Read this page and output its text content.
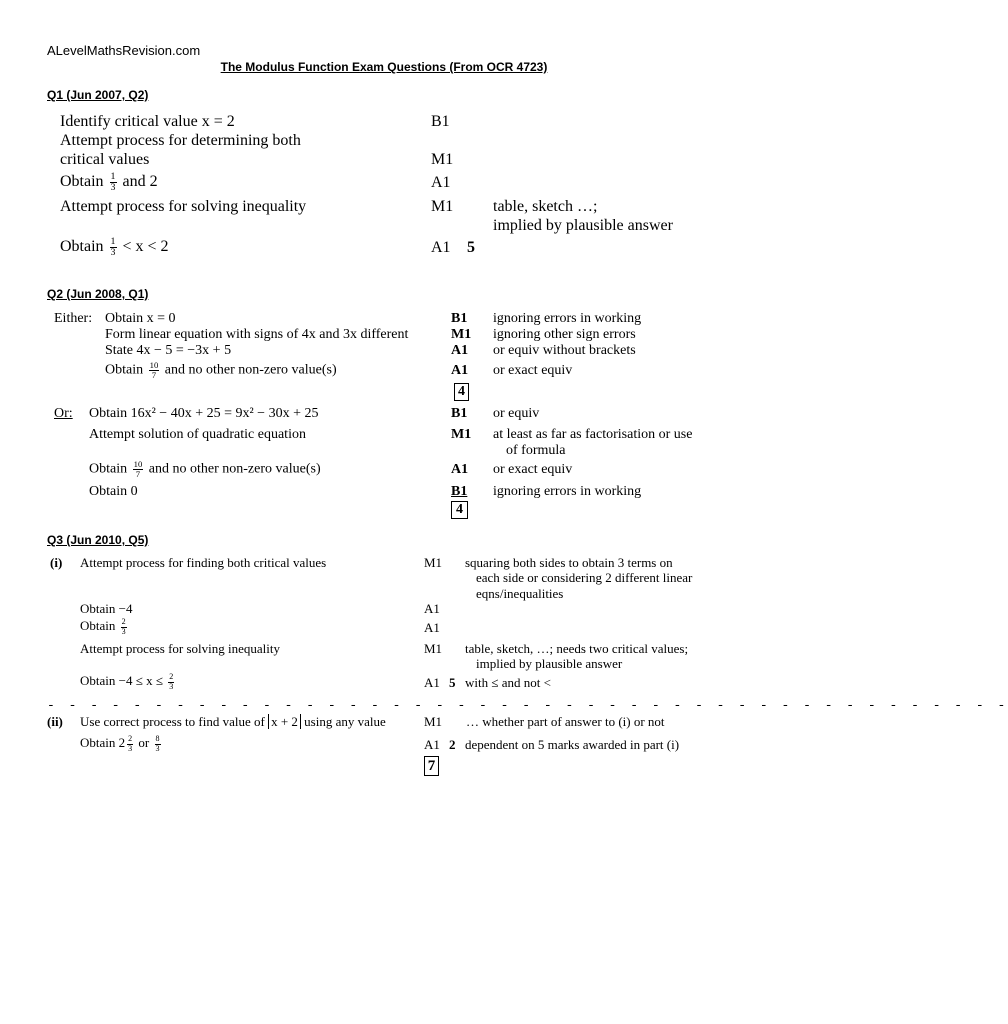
ALevelMathsRevision.com
The Modulus Function Exam Questions (From OCR 4723)
Q1 (Jun 2007, Q2)
Identify critical value x = 2	B1
Attempt process for determining both
critical values	M1
Obtain $\frac{1}{3}$ and 2	A1
Attempt process for solving inequality	M1 table, sketch …;
implied by plausible answer
Obtain $\frac{1}{3} < x < 2$	A1 5
Q2 (Jun 2008, Q1)
Either: Obtain x = 0	B1 ignoring errors in working
Form linear equation with signs of 4x and 3x different	M1 ignoring other sign errors
State 4x − 5 = −3x + 5	A1 or equiv without brackets
Obtain $\frac{10}{7}$ and no other non-zero value(s)	A1 or exact equiv
4
Or: Obtain 16x² − 40x + 25 = 9x² − 30x + 25	B1 or equiv
Attempt solution of quadratic equation	M1 at least as far as factorisation or use
of formula
Obtain $\frac{10}{7}$ and no other non-zero value(s)	A1 or exact equiv
Obtain 0	B1 ignoring errors in working
4
Q3 (Jun 2010, Q5)
(i) Attempt process for finding both critical values	M1 squaring both sides to obtain 3 terms on
each side or considering 2 different linear
eqns/inequalities
Obtain −4	A1
Obtain $\frac{2}{3}$	A1
Attempt process for solving inequality	M1 table, sketch, …; needs two critical values;
implied by plausible answer
Obtain $-4 \le x \le \frac{2}{3}$	A1 5 with ≤ and not <
- - - - - - - - - - - - - - - - - - - - - - - - - - - - - - - - - - - - - - - - - - - - -
(ii) Use correct process to find value of x + 2 using any value	M1 … whether part of answer to (i) or not
Obtain $2 \frac{2}{3}$ or $\frac{8}{3}$	A1 2 dependent on 5 marks awarded in part (i)
7
